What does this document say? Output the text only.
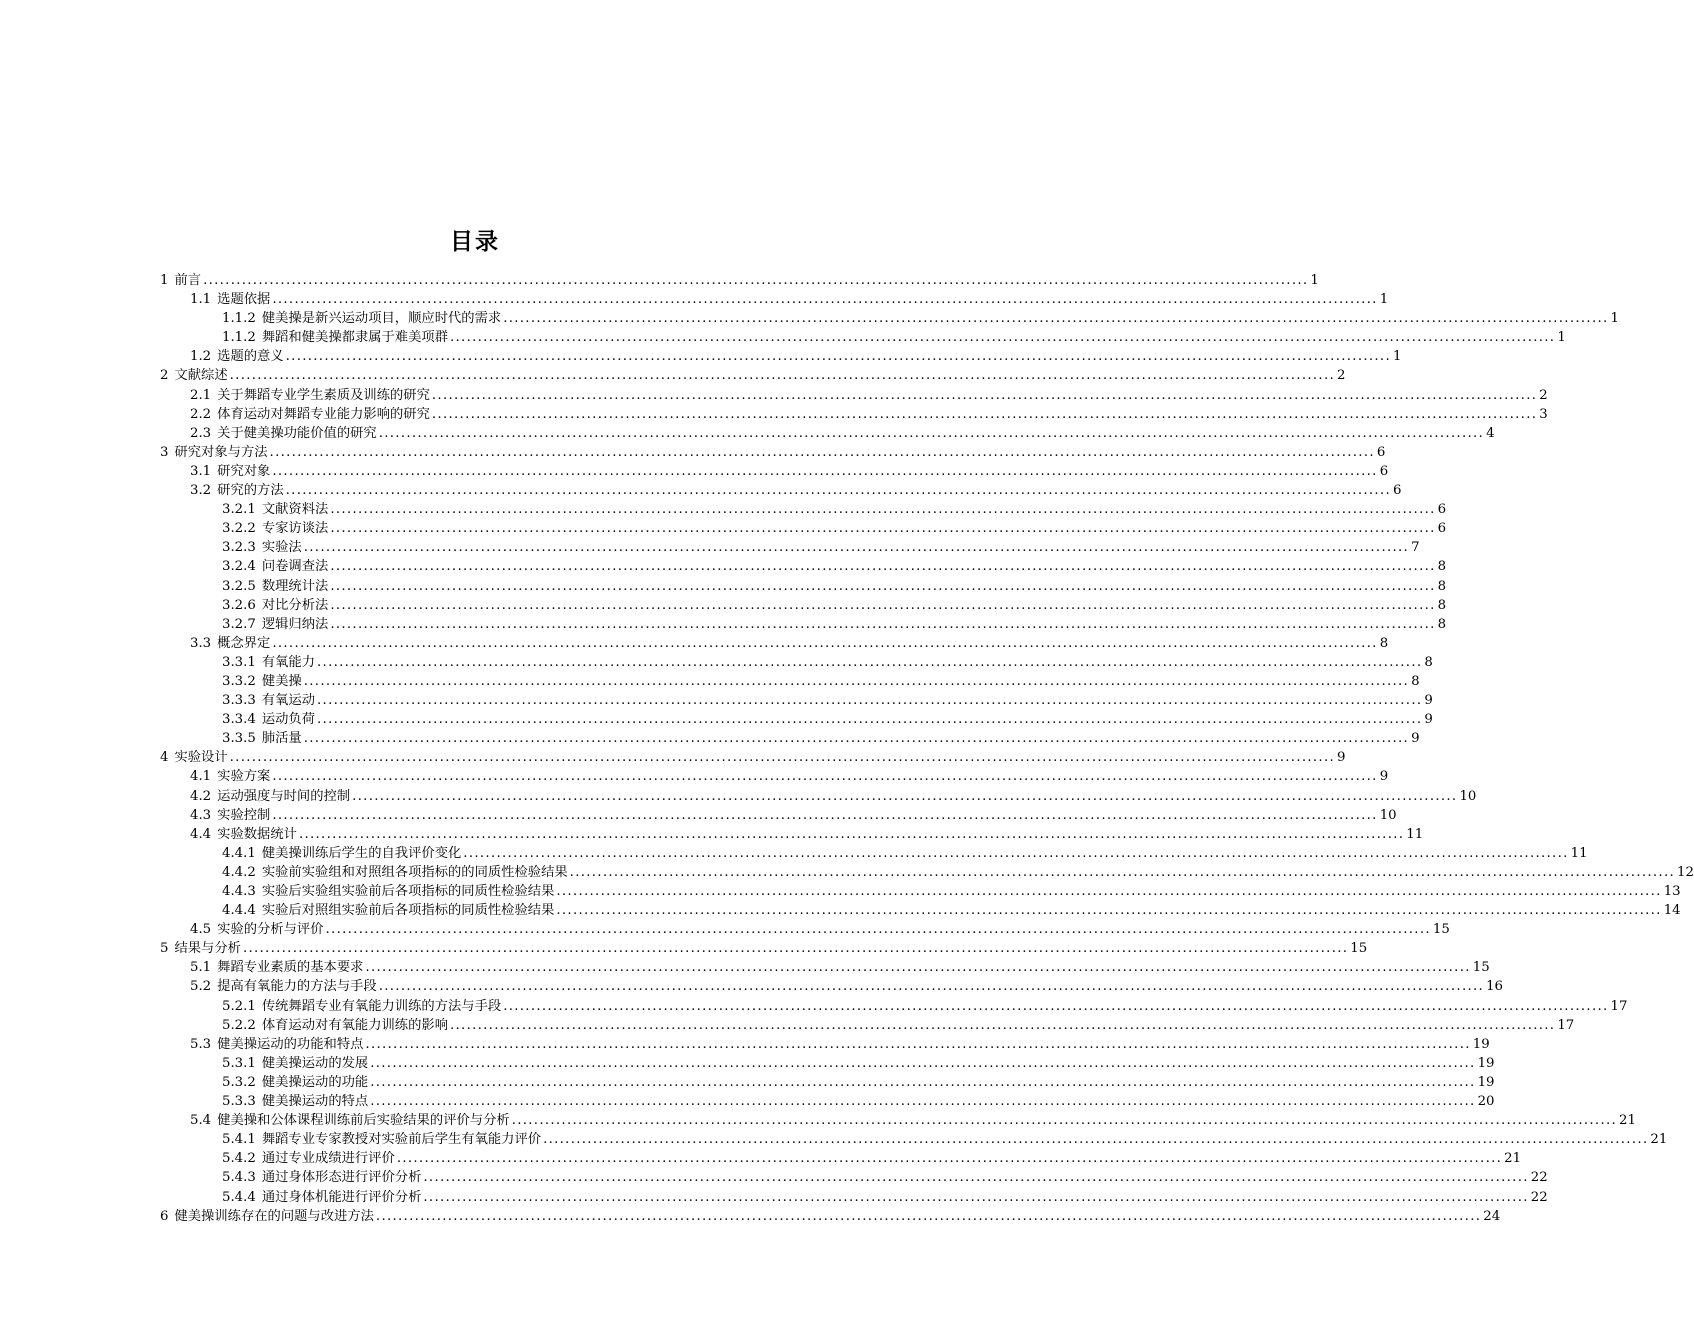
目录
1 前言 ........................................................................................................................................................................................................ 1
1.1 选题依据 ........................................................................................................................................................................................................ 1
1.1.2 健美操是新兴运动项目，顺应时代的需求 ........................................................................................................................................................................................................ 1
1.1.2 舞蹈和健美操都隶属于难美项群 ........................................................................................................................................................................................................ 1
1.2 选题的意义 ........................................................................................................................................................................................................ 1
2 文献综述 ........................................................................................................................................................................................................ 2
2.1 关于舞蹈专业学生素质及训练的研究 ........................................................................................................................................................................................................ 2
2.2 体育运动对舞蹈专业能力影响的研究 ........................................................................................................................................................................................................ 3
2.3 关于健美操功能价值的研究 ........................................................................................................................................................................................................ 4
3 研究对象与方法 ........................................................................................................................................................................................................ 6
3.1 研究对象 ........................................................................................................................................................................................................ 6
3.2 研究的方法 ........................................................................................................................................................................................................ 6
3.2.1 文献资料法 ........................................................................................................................................................................................................ 6
3.2.2 专家访谈法 ........................................................................................................................................................................................................ 6
3.2.3 实验法 ........................................................................................................................................................................................................ 7
3.2.4 问卷调查法 ........................................................................................................................................................................................................ 8
3.2.5 数理统计法 ........................................................................................................................................................................................................ 8
3.2.6 对比分析法 ........................................................................................................................................................................................................ 8
3.2.7 逻辑归纳法 ........................................................................................................................................................................................................ 8
3.3 概念界定 ........................................................................................................................................................................................................ 8
3.3.1 有氧能力 ........................................................................................................................................................................................................ 8
3.3.2 健美操 ........................................................................................................................................................................................................ 8
3.3.3 有氧运动 ........................................................................................................................................................................................................ 9
3.3.4 运动负荷 ........................................................................................................................................................................................................ 9
3.3.5 肺活量 ........................................................................................................................................................................................................ 9
4 实验设计 ........................................................................................................................................................................................................ 9
4.1 实验方案 ........................................................................................................................................................................................................ 9
4.2 运动强度与时间的控制 ........................................................................................................................................................................................................ 10
4.3 实验控制 ........................................................................................................................................................................................................ 10
4.4 实验数据统计 ........................................................................................................................................................................................................ 11
4.4.1 健美操训练后学生的自我评价变化 ........................................................................................................................................................................................................ 11
4.4.2 实验前实验组和对照组各项指标的的同质性检验结果 ........................................................................................................................................................................................................ 12
4.4.3 实验后实验组实验前后各项指标的同质性检验结果 ........................................................................................................................................................................................................ 13
4.4.4 实验后对照组实验前后各项指标的同质性检验结果 ........................................................................................................................................................................................................ 14
4.5 实验的分析与评价 ........................................................................................................................................................................................................ 15
5 结果与分析 ........................................................................................................................................................................................................ 15
5.1 舞蹈专业素质的基本要求 ........................................................................................................................................................................................................ 15
5.2 提高有氧能力的方法与手段 ........................................................................................................................................................................................................ 16
5.2.1 传统舞蹈专业有氧能力训练的方法与手段 ........................................................................................................................................................................................................ 17
5.2.2 体育运动对有氧能力训练的影响 ........................................................................................................................................................................................................ 17
5.3 健美操运动的功能和特点 ........................................................................................................................................................................................................ 19
5.3.1 健美操运动的发展 ........................................................................................................................................................................................................ 19
5.3.2 健美操运动的功能 ........................................................................................................................................................................................................ 19
5.3.3 健美操运动的特点 ........................................................................................................................................................................................................ 20
5.4 健美操和公体课程训练前后实验结果的评价与分析 ........................................................................................................................................................................................................ 21
5.4.1 舞蹈专业专家教授对实验前后学生有氧能力评价 ........................................................................................................................................................................................................ 21
5.4.2 通过专业成绩进行评价 ........................................................................................................................................................................................................ 21
5.4.3 通过身体形态进行评价分析 ........................................................................................................................................................................................................ 22
5.4.4 通过身体机能进行评价分析 ........................................................................................................................................................................................................ 22
6 健美操训练存在的问题与改进方法 ........................................................................................................................................................................................................ 24
